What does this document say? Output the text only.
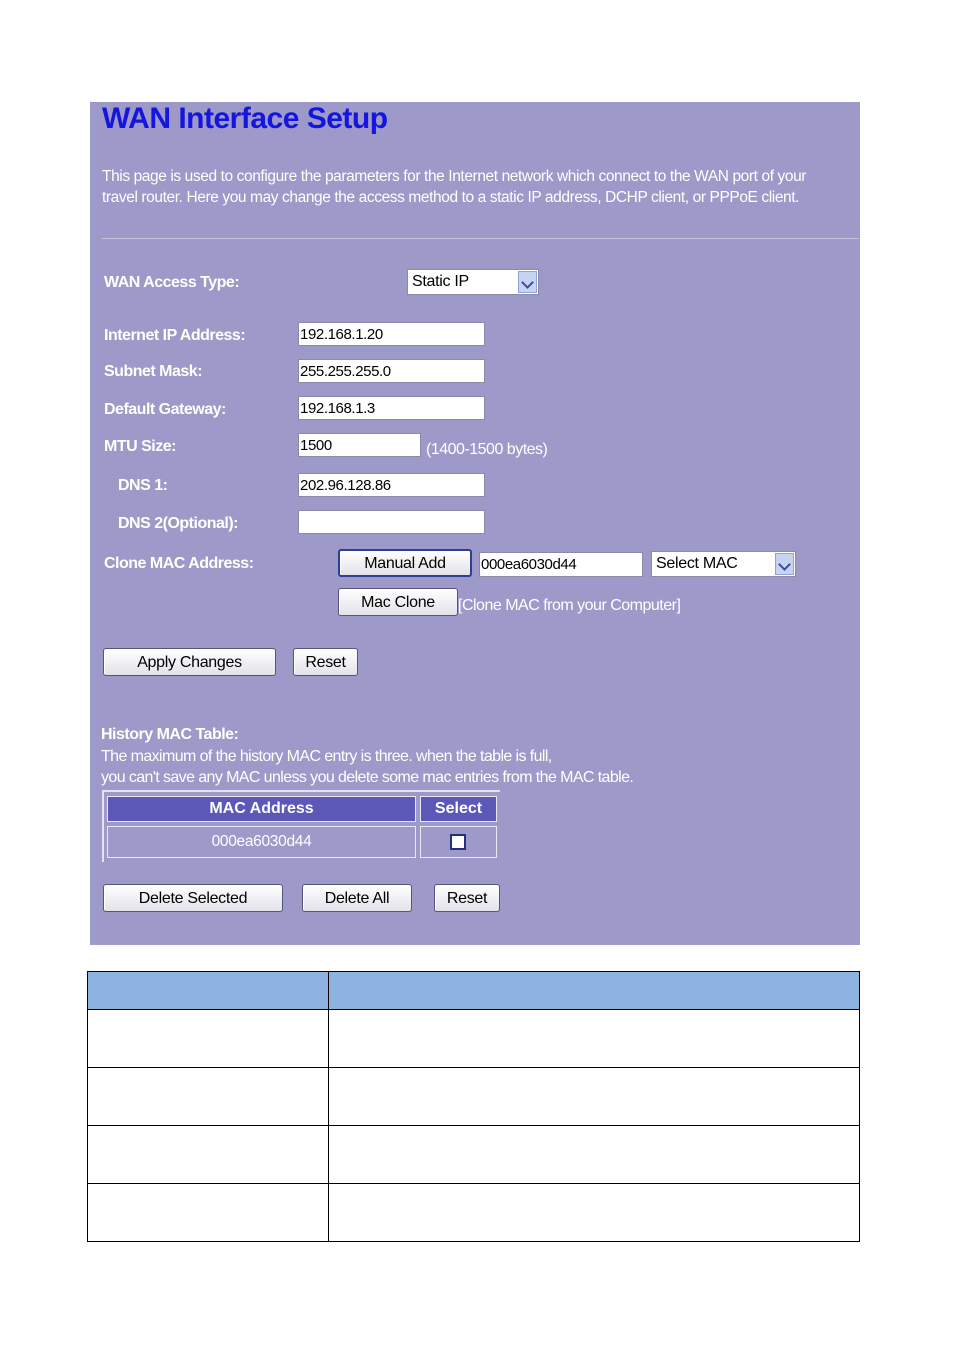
WAN Interface Setup
This page is used to configure the parameters for the Internet network which connect to the WAN port of your travel router. Here you may change the access method to a static IP address, DCHP client, or PPPoE client.
WAN Access Type:	Static IP
Internet IP Address:	192.168.1.20
Subnet Mask:	255.255.255.0
Default Gateway:	192.168.1.3
MTU Size:	1500	(1400-1500 bytes)
DNS 1:	202.96.128.86
DNS 2(Optional):
Clone MAC Address:	Manual Add	000ea6030d44	Select MAC
Mac Clone	[Clone MAC from your Computer]
Apply Changes	Reset
History MAC Table:
The maximum of the history MAC entry is three. when the table is full,
you can't save any MAC unless you delete some mac entries from the MAC table.
MAC Address	Select
000ea6030d44
Delete Selected	Delete All	Reset
